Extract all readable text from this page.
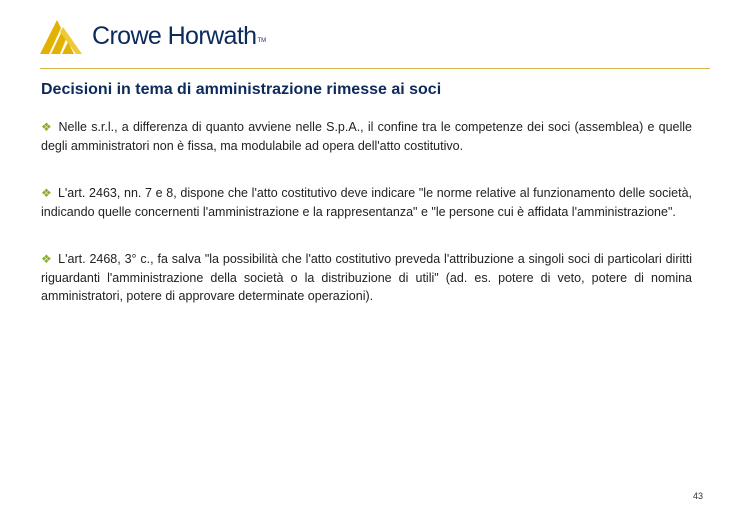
Crowe Horwath TM
Decisioni in tema di amministrazione rimesse ai soci
❖ Nelle s.r.l., a differenza di quanto avviene nelle S.p.A., il confine tra le competenze dei soci (assemblea) e quelle degli amministratori non è fissa, ma modulabile ad opera dell'atto costitutivo.
❖ L'art. 2463, nn. 7 e 8, dispone che l'atto costitutivo deve indicare "le norme relative al funzionamento delle società, indicando quelle concernenti l'amministrazione e la rappresentanza" e "le persone cui è affidata l'amministrazione".
❖ L'art. 2468, 3° c., fa salva "la possibilità che l'atto costitutivo preveda l'attribuzione a singoli soci di particolari diritti riguardanti l'amministrazione della società o la distribuzione di utili" (ad. es. potere di veto, potere di nomina amministratori, potere di approvare determinate operazioni).
43
